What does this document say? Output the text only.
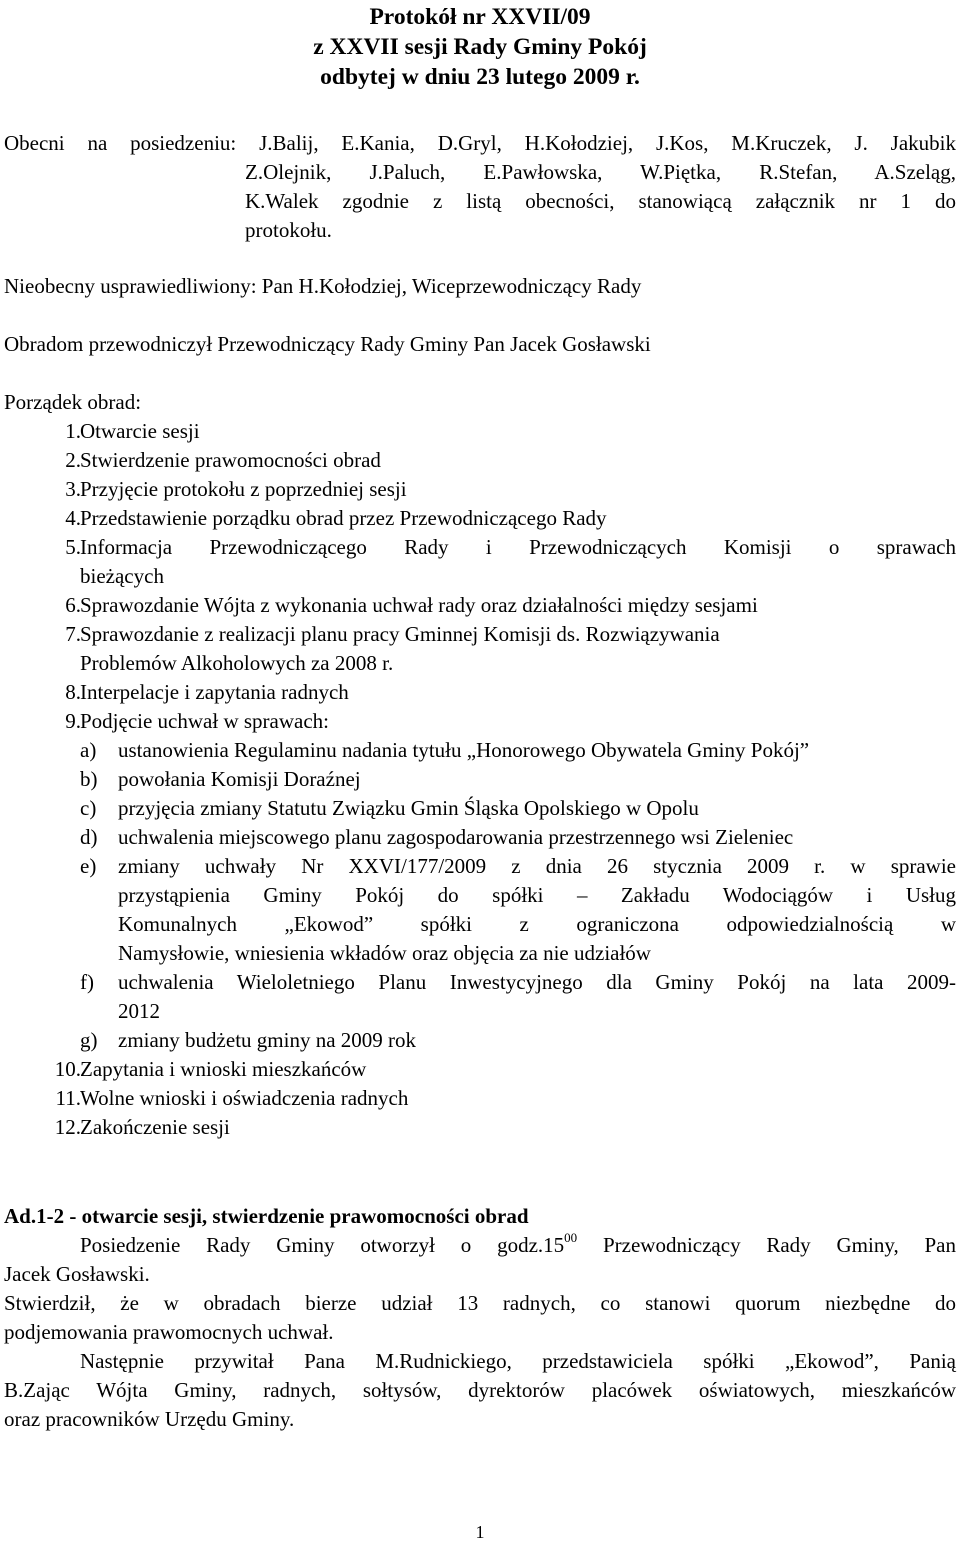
Protokół nr XXVII/09
z XXVII sesji Rady Gminy Pokój
odbytej w dniu 23 lutego 2009 r.
Obecni na posiedzeniu: J.Balij, E.Kania, D.Gryl, H.Kołodziej, J.Kos, M.Kruczek, J. Jakubik
Z.Olejnik, J.Paluch, E.Pawłowska, W.Piętka, R.Stefan, A.Szeląg,
K.Walek zgodnie z listą obecności, stanowiącą załącznik nr 1 do
protokołu.
Nieobecny usprawiedliwiony: Pan H.Kołodziej, Wiceprzewodniczący Rady
Obradom przewodniczył Przewodniczący Rady Gminy Pan Jacek Gosławski
Porządek obrad:
1. Otwarcie sesji
2. Stwierdzenie prawomocności obrad
3. Przyjęcie protokołu z poprzedniej sesji
4. Przedstawienie porządku obrad przez Przewodniczącego Rady
5. Informacja Przewodniczącego Rady i Przewodniczących Komisji o sprawach
bieżących
6. Sprawozdanie Wójta z wykonania uchwał rady oraz działalności między sesjami
7. Sprawozdanie z realizacji planu pracy Gminnej Komisji ds. Rozwiązywania
Problemów Alkoholowych za 2008 r.
8. Interpelacje i zapytania radnych
9. Podjęcie uchwał w sprawach:
a)	ustanowienia Regulaminu nadania tytułu „Honorowego Obywatela Gminy Pokój”
b) powołania Komisji Doraźnej
c)	przyjęcia zmiany Statutu Związku Gmin Śląska Opolskiego w Opolu
d) uchwalenia miejscowego planu zagospodarowania przestrzennego wsi Zieleniec
e)	zmiany uchwały Nr XXVI/177/2009 z dnia 26 stycznia 2009 r. w sprawie
przystąpienia Gminy Pokój do spółki – Zakładu Wodociągów i Usług
Komunalnych „Ekowod” spółki z ograniczona odpowiedzialnością w
Namysłowie, wniesienia wkładów oraz objęcia za nie udziałów
f)	uchwalenia Wieloletniego Planu Inwestycyjnego dla Gminy Pokój na lata 2009-
2012
g) zmiany budżetu gminy na 2009 rok
10. Zapytania i wnioski mieszkańców
11. Wolne wnioski i oświadczenia radnych
12. Zakończenie sesji
Ad.1-2 - otwarcie sesji, stwierdzenie prawomocności obrad
Posiedzenie Rady Gminy otworzył o $godz.15^{00}$ Przewodniczący Rady Gminy, Pan
Jacek Gosławski.
Stwierdził, że w obradach bierze udział 13 radnych, co stanowi quorum niezbędne do
podjemowania prawomocnych uchwał.
Następnie przywitał Pana M.Rudnickiego, przedstawiciela spółki „Ekowod”, Panią
B.Zając Wójta Gminy, radnych, sołtysów, dyrektorów placówek oświatowych, mieszkańców
oraz pracowników Urzędu Gminy.
1
